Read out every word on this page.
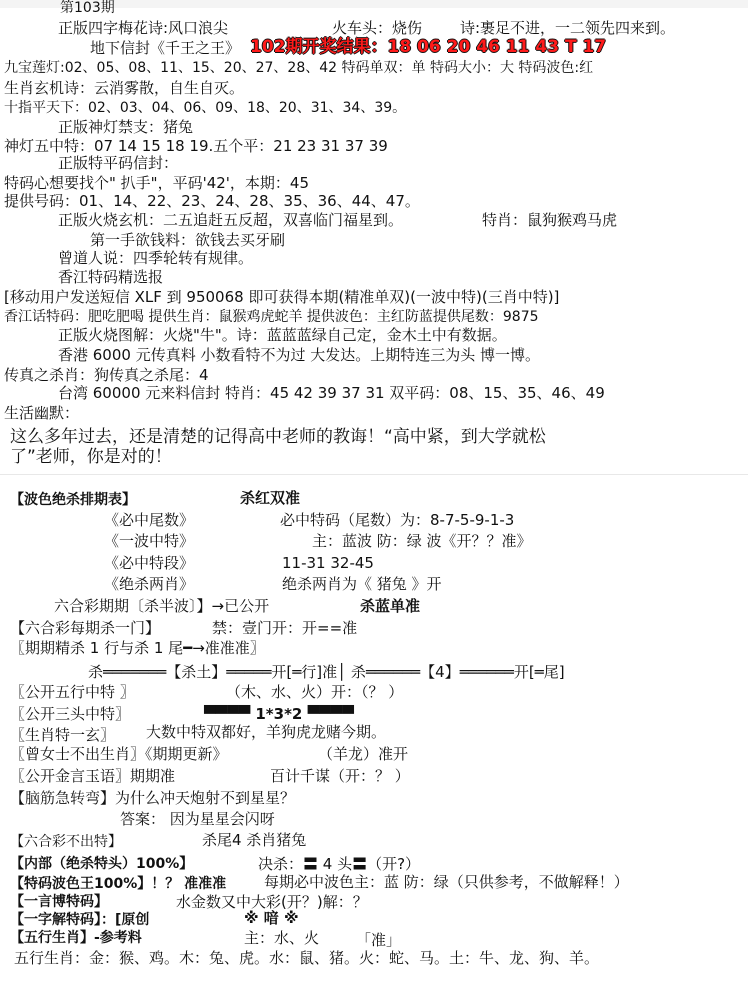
第103期
正版四字梅花诗:风口浪尖	火车头：烧伤	诗:裹足不进，一二领先四来到。
地下信封《千王之王》 102期开奖结果：18 06 20 46 11 43 T 17
九宝莲灯:02、05、08、11、15、20、27、28、42 特码单双：单 特码大小：大 特码波色:红
生肖玄机诗：云消雾散，自生自灭。
十指平天下：02、03、04、06、09、18、20、31、34、39。
正版神灯禁支：猪兔
神灯五中特：07 14 15 18 19.五个平：21 23 31 37 39
正版特平码信封：
特码心想要找个" 扒手"，平码'42'，本期：45
提供号码：01、14、22、23、24、28、35、36、44、47。
正版火烧玄机：二五追赶五反超，双喜临门福星到。	特肖：鼠狗猴鸡马虎
第一手欲钱料：欲钱去买牙刷
曾道人说：四季轮转有规律。
香江特码精选报
[移动用户发送短信 XLF 到 950068 即可获得本期(精准单双)(一波中特)(三肖中特)]
香江话特码：肥吃肥喝 提供生肖：鼠猴鸡虎蛇羊 提供波色：主红防蓝提供尾数：9875
正版火烧图解：火烧"牛"。诗：蓝蓝蓝绿自己定，金木土中有数据。
香港 6000 元传真料 小数看特不为过 大发达。上期特连三为头 博一博。
传真之杀肖：狗传真之杀尾：4
台湾 60000 元来料信封 特肖：45 42 39 37 31 双平码：08、15、35、46、49
生活幽默：
这么多年过去，还是清楚的记得高中老师的教诲！“高中紧，到大学就松
了”老师，你是对的！
【波色绝杀排期表】	杀红双准
《必中尾数》	必中特码（尾数）为：8-7-5-9-1-3
《一波中特》	主：蓝波 防：绿 波《开？？准》
《必中特段》	11-31 32-45
《绝杀两肖》	绝杀两肖为《 猪兔 》开
六合彩期期〔杀半波〕】→已公开	杀蓝单准
【六合彩每期杀一门】	禁：壹门开：开==准
〖期期精杀 1 行与杀 1 尾━→准准准〗
杀═══════【杀土】═════开[═行]准│ 杀══════【4】══════开[═尾]
〖公开五行中特 〗	（木、水、火）开：（？ ）
〖公开三头中特〗	▀▀▀▀ 1*3*2 ▀▀▀▀
〖生肖特一玄〗 大数中特双都好，羊狗虎龙赌今期。
〖曾女士不出生肖〗《期期更新》	（羊龙）准开
〖公开金言玉语〗期期准	百计千谋（开：？ ）
【脑筋急转弯】为什么冲天炮射不到星星？
答案： 因为星星会闪呀
【六合彩不出特】	杀尾4 杀肖猪兔
【内部（绝杀特头）100%】	决杀：〓 4 头〓（开?）
【特码波色王100%】！？ 准准准	每期必中波色主：蓝 防：绿（只供参考，不做解释！）
【一言博特码】	水金数又中大彩(开？)解：？
【一字解特码】：[原创	※ 喑 ※
【五行生肖】-参考料	主：水、火 「准」
五行生肖：金：猴、鸡。木：兔、虎。水：鼠、猪。火：蛇、马。土：牛、龙、狗、羊。
